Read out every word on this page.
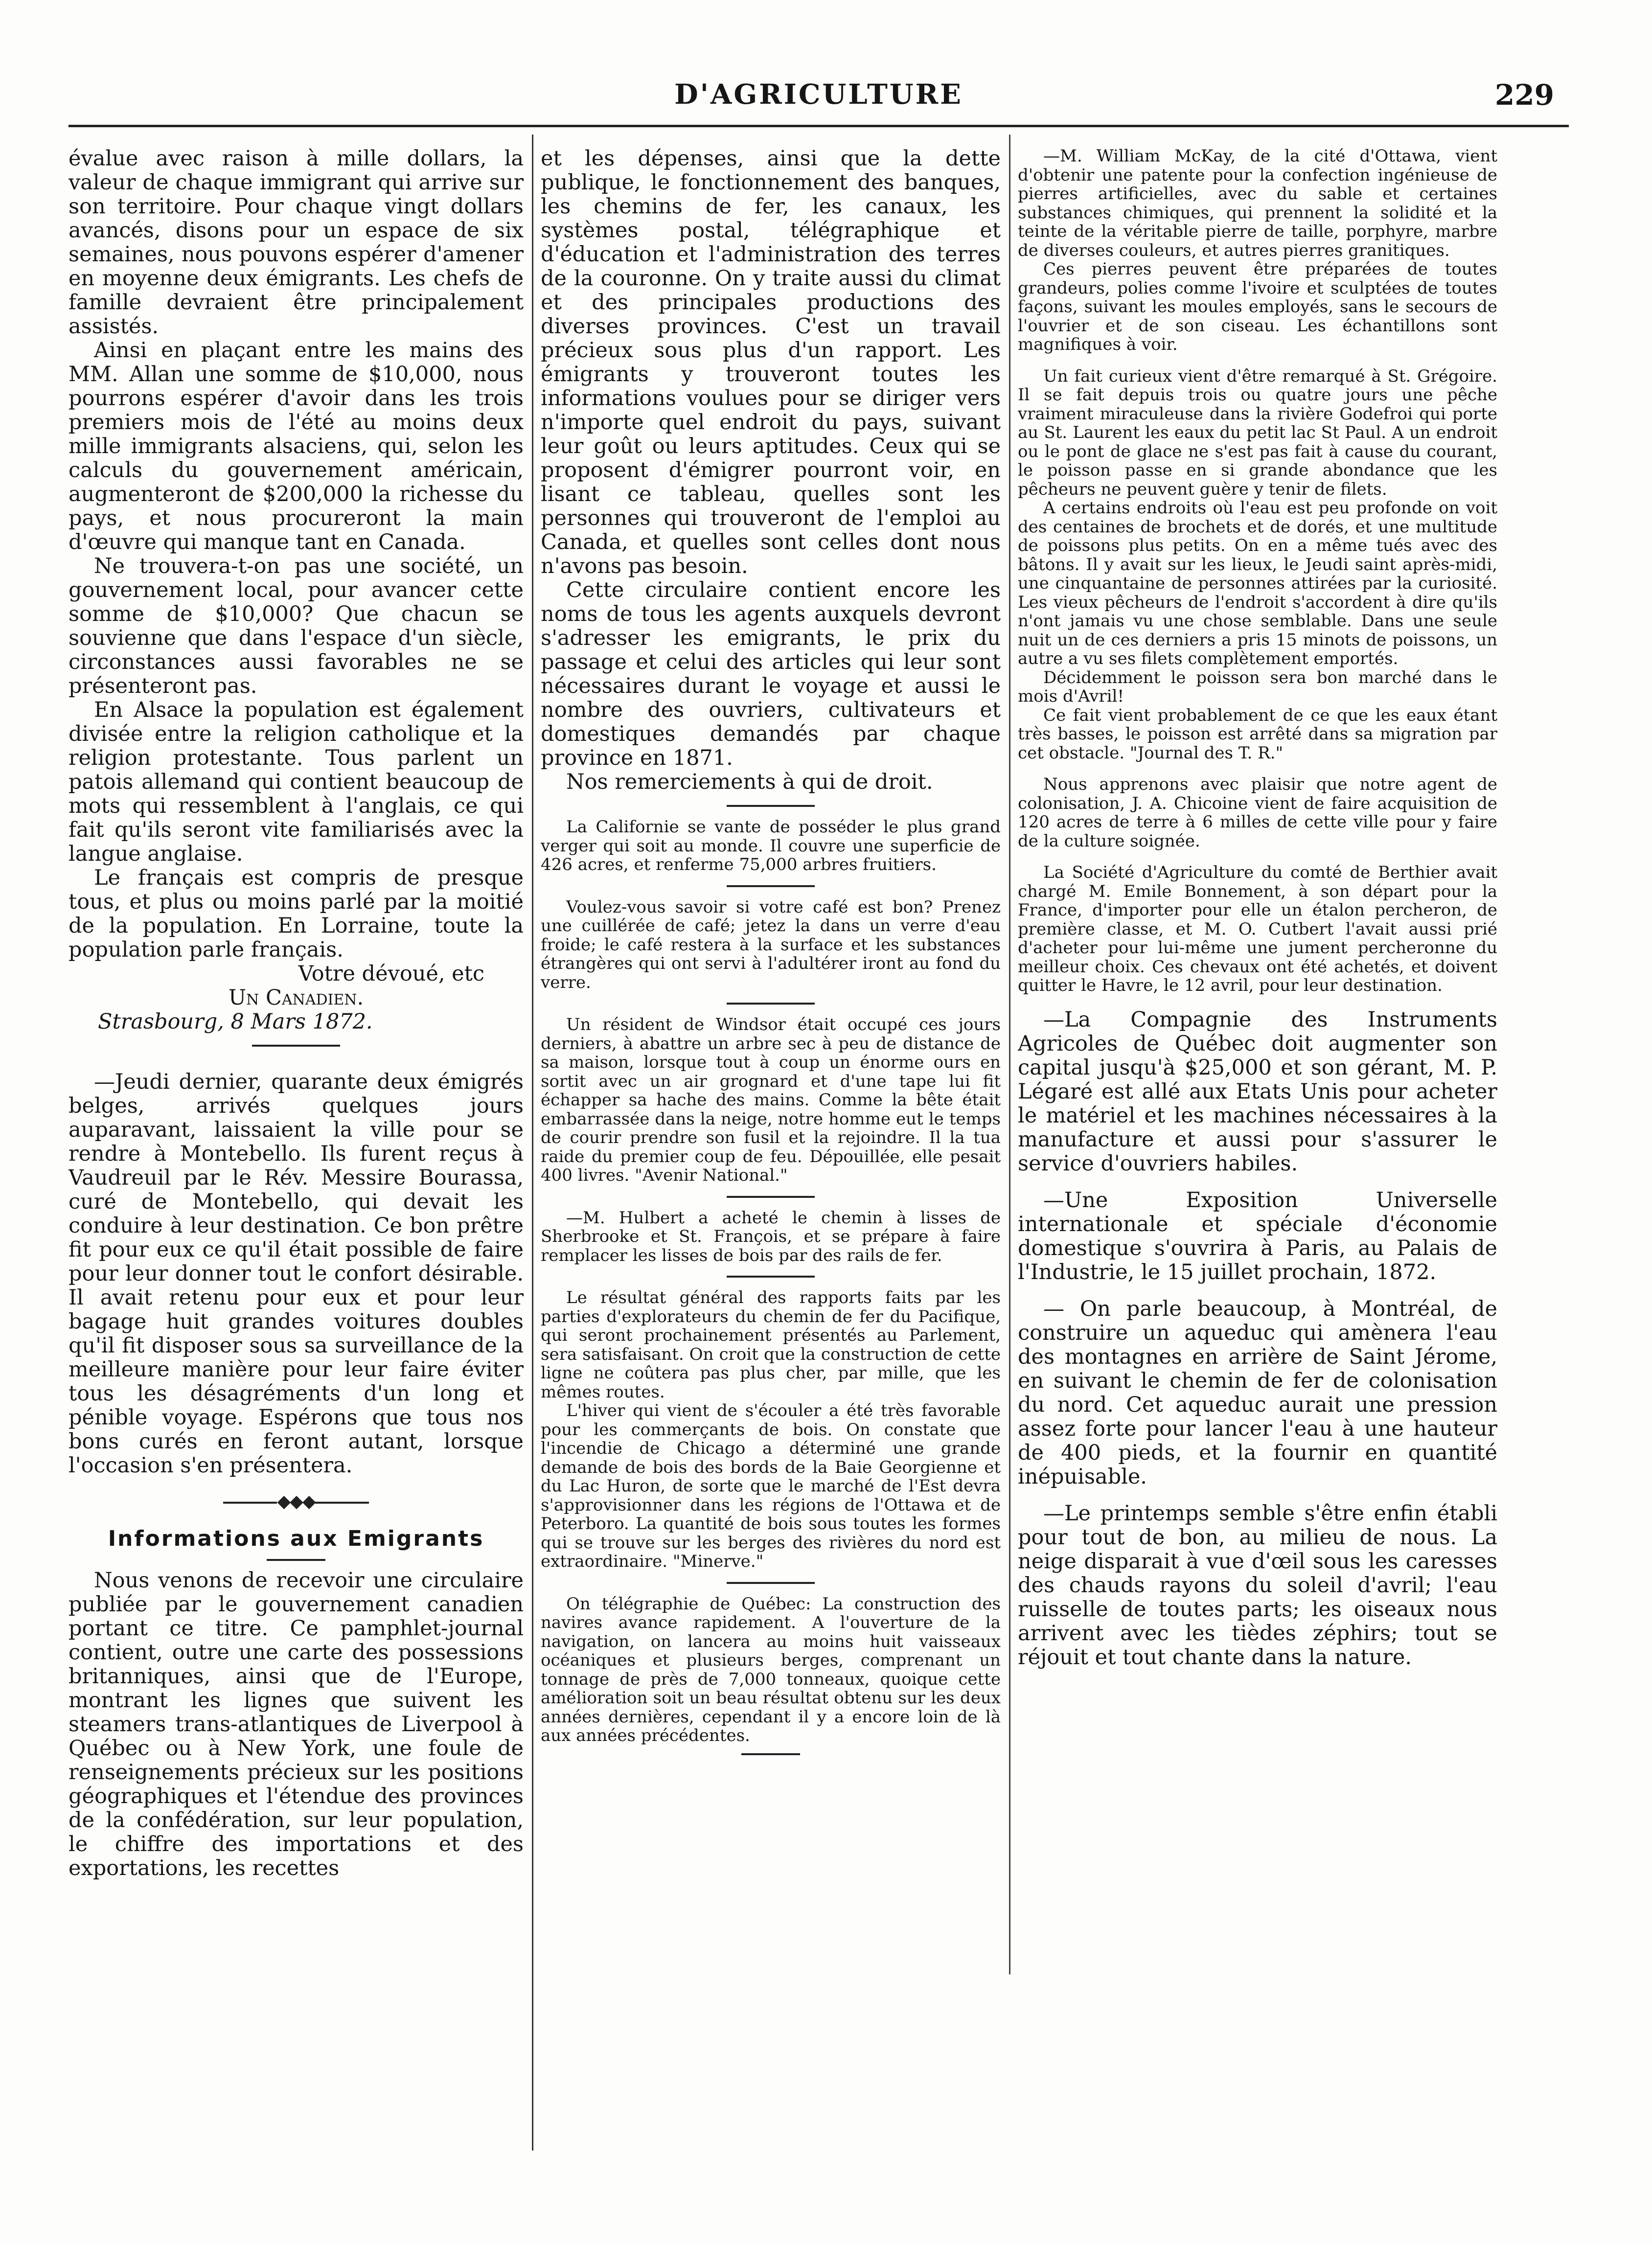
D'AGRICULTURE	229

évalue avec raison à mille dollars, la valeur de chaque immigrant qui arrive sur son territoire. Pour chaque vingt dollars avancés, disons pour un espace de six semaines, nous pouvons espérer d'amener en moyenne deux émigrants. Les chefs de famille devraient être principalement assistés.

Ainsi en plaçant entre les mains des MM. Allan une somme de $10,000, nous pourrons espérer d'avoir dans les trois premiers mois de l'été au moins deux mille immigrants alsaciens, qui, selon les calculs du gouvernement américain, augmenteront de $200,000 la richesse du pays, et nous procureront la main d'œuvre qui manque tant en Canada.

Ne trouvera-t-on pas une société, un gouvernement local, pour avancer cette somme de $10,000? Que chacun se souvienne que dans l'espace d'un siècle, circonstances aussi favorables ne se présenteront pas.

En Alsace la population est également divisée entre la religion catholique et la religion protestante. Tous parlent un patois allemand qui contient beaucoup de mots qui ressemblent à l'anglais, ce qui fait qu'ils seront vite familiarisés avec la langue anglaise.

Le français est compris de presque tous, et plus ou moins parlé par la moitié de la population. En Lorraine, toute la population parle français.

Votre dévoué, etc

Un Canadien.

Strasbourg, 8 Mars 1872.

—Jeudi dernier, quarante deux émigrés belges, arrivés quelques jours auparavant, laissaient la ville pour se rendre à Montebello. Ils furent reçus à Vaudreuil par le Rév. Messire Bourassa, curé de Montebello, qui devait les conduire à leur destination. Ce bon prêtre fit pour eux ce qu'il était possible de faire pour leur donner tout le confort désirable. Il avait retenu pour eux et pour leur bagage huit grandes voitures doubles qu'il fit disposer sous sa surveillance de la meilleure manière pour leur faire éviter tous les désagréments d'un long et pénible voyage. Espérons que tous nos bons curés en feront autant, lorsque l'occasion s'en présentera.

◆◆◆
Informations aux Emigrants

Nous venons de recevoir une circulaire publiée par le gouvernement canadien portant ce titre. Ce pamphlet-journal contient, outre une carte des possessions britanniques, ainsi que de l'Europe, montrant les lignes que suivent les steamers trans-atlantiques de Liverpool à Québec ou à New York, une foule de renseignements précieux sur les positions géographiques et l'étendue des provinces de la confédération, sur leur population, le chiffre des importations et des exportations, les recettes

et les dépenses, ainsi que la dette publique, le fonctionnement des banques, les chemins de fer, les canaux, les systèmes postal, télégraphique et d'éducation et l'administration des terres de la couronne. On y traite aussi du climat et des principales productions des diverses provinces. C'est un travail précieux sous plus d'un rapport. Les émigrants y trouveront toutes les informations voulues pour se diriger vers n'importe quel endroit du pays, suivant leur goût ou leurs aptitudes. Ceux qui se proposent d'émigrer pourront voir, en lisant ce tableau, quelles sont les personnes qui trouveront de l'emploi au Canada, et quelles sont celles dont nous n'avons pas besoin.

Cette circulaire contient encore les noms de tous les agents auxquels devront s'adresser les emigrants, le prix du passage et celui des articles qui leur sont nécessaires durant le voyage et aussi le nombre des ouvriers, cultivateurs et domestiques demandés par chaque province en 1871.

Nos remerciements à qui de droit.

La Californie se vante de posséder le plus grand verger qui soit au monde. Il couvre une superficie de 426 acres, et renferme 75,000 arbres fruitiers.

Voulez-vous savoir si votre café est bon? Prenez une cuillérée de café; jetez la dans un verre d'eau froide; le café restera à la surface et les substances étrangères qui ont servi à l'adultérer iront au fond du verre.

Un résident de Windsor était occupé ces jours derniers, à abattre un arbre sec à peu de distance de sa maison, lorsque tout à coup un énorme ours en sortit avec un air grognard et d'une tape lui fit échapper sa hache des mains. Comme la bête était embarrassée dans la neige, notre homme eut le temps de courir prendre son fusil et la rejoindre. Il la tua raide du premier coup de feu. Dépouillée, elle pesait 400 livres. "Avenir National."

—M. Hulbert a acheté le chemin à lisses de Sherbrooke et St. François, et se prépare à faire remplacer les lisses de bois par des rails de fer.

Le résultat général des rapports faits par les parties d'explorateurs du chemin de fer du Pacifique, qui seront prochainement présentés au Parlement, sera satisfaisant. On croit que la construction de cette ligne ne coûtera pas plus cher, par mille, que les mêmes routes.

L'hiver qui vient de s'écouler a été très favorable pour les commerçants de bois. On constate que l'incendie de Chicago a déterminé une grande demande de bois des bords de la Baie Georgienne et du Lac Huron, de sorte que le marché de l'Est devra s'approvisionner dans les régions de l'Ottawa et de Peterboro. La quantité de bois sous toutes les formes qui se trouve sur les berges des rivières du nord est extraordinaire. "Minerve."

On télégraphie de Québec: La construction des navires avance rapidement. A l'ouverture de la navigation, on lancera au moins huit vaisseaux océaniques et plusieurs berges, comprenant un tonnage de près de 7,000 tonneaux, quoique cette amélioration soit un beau résultat obtenu sur les deux années dernières, cependant il y a encore loin de là aux années précédentes.

—M. William McKay, de la cité d'Ottawa, vient d'obtenir une patente pour la confection ingénieuse de pierres artificielles, avec du sable et certaines substances chimiques, qui prennent la solidité et la teinte de la véritable pierre de taille, porphyre, marbre de diverses couleurs, et autres pierres granitiques.

Ces pierres peuvent être préparées de toutes grandeurs, polies comme l'ivoire et sculptées de toutes façons, suivant les moules employés, sans le secours de l'ouvrier et de son ciseau. Les échantillons sont magnifiques à voir.

Un fait curieux vient d'être remarqué à St. Grégoire. Il se fait depuis trois ou quatre jours une pêche vraiment miraculeuse dans la rivière Godefroi qui porte au St. Laurent les eaux du petit lac St Paul. A un endroit ou le pont de glace ne s'est pas fait à cause du courant, le poisson passe en si grande abondance que les pêcheurs ne peuvent guère y tenir de filets.

A certains endroits où l'eau est peu profonde on voit des centaines de brochets et de dorés, et une multitude de poissons plus petits. On en a même tués avec des bâtons. Il y avait sur les lieux, le Jeudi saint après-midi, une cinquantaine de personnes attirées par la curiosité. Les vieux pêcheurs de l'endroit s'accordent à dire qu'ils n'ont jamais vu une chose semblable. Dans une seule nuit un de ces derniers a pris 15 minots de poissons, un autre a vu ses filets complètement emportés.

Décidemment le poisson sera bon marché dans le mois d'Avril!

Ce fait vient probablement de ce que les eaux étant très basses, le poisson est arrêté dans sa migration par cet obstacle. "Journal des T. R."

Nous apprenons avec plaisir que notre agent de colonisation, J. A. Chicoine vient de faire acquisition de 120 acres de terre à 6 milles de cette ville pour y faire de la culture soignée.

La Société d'Agriculture du comté de Berthier avait chargé M. Emile Bonnement, à son départ pour la France, d'importer pour elle un étalon percheron, de première classe, et M. O. Cutbert l'avait aussi prié d'acheter pour lui-même une jument percheronne du meilleur choix. Ces chevaux ont été achetés, et doivent quitter le Havre, le 12 avril, pour leur destination.

—La Compagnie des Instruments Agricoles de Québec doit augmenter son capital jusqu'à $25,000 et son gérant, M. P. Légaré est allé aux Etats Unis pour acheter le matériel et les machines nécessaires à la manufacture et aussi pour s'assurer le service d'ouvriers habiles.

—Une Exposition Universelle internationale et spéciale d'économie domestique s'ouvrira à Paris, au Palais de l'Industrie, le 15 juillet prochain, 1872.

— On parle beaucoup, à Montréal, de construire un aqueduc qui amènera l'eau des montagnes en arrière de Saint Jérome, en suivant le chemin de fer de colonisation du nord. Cet aqueduc aurait une pression assez forte pour lancer l'eau à une hauteur de 400 pieds, et la fournir en quantité inépuisable.

—Le printemps semble s'être enfin établi pour tout de bon, au milieu de nous. La neige disparait à vue d'œil sous les caresses des chauds rayons du soleil d'avril; l'eau ruisselle de toutes parts; les oiseaux nous arrivent avec les tièdes zéphirs; tout se réjouit et tout chante dans la nature.
